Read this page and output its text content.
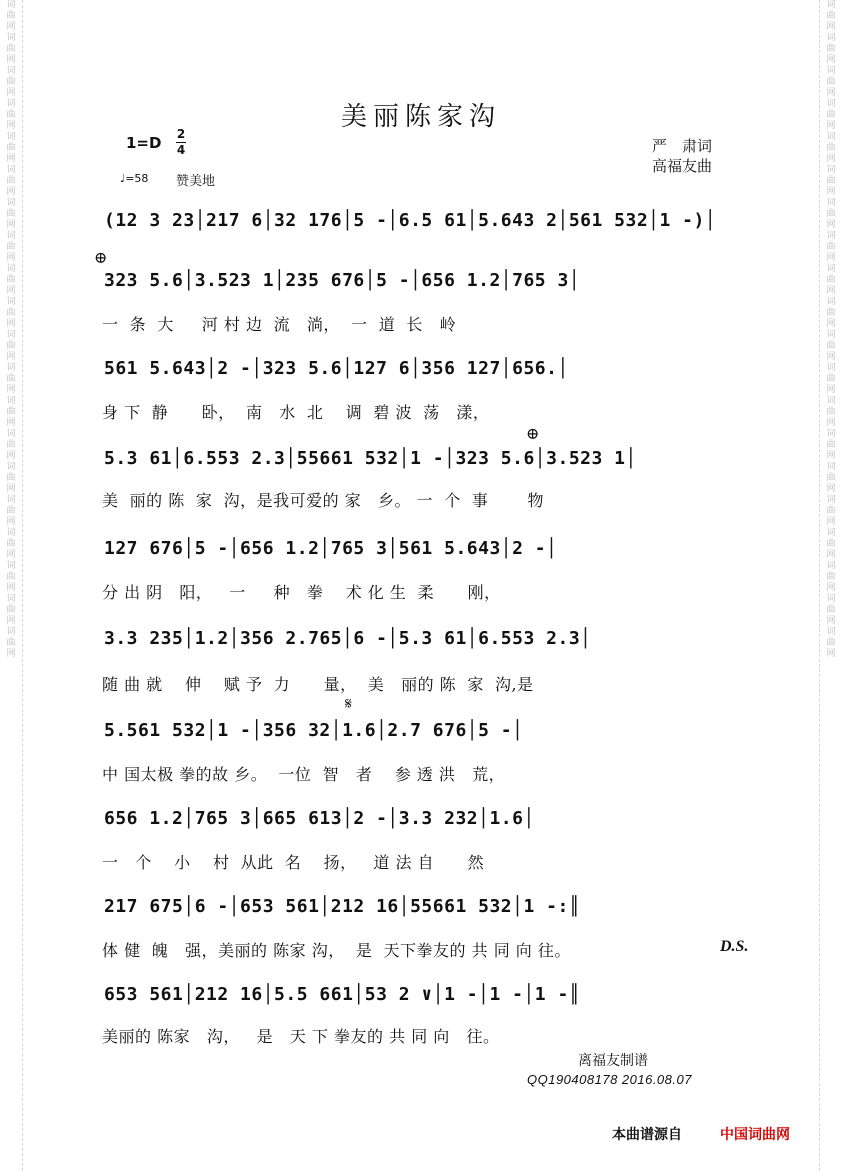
词曲网词曲网词曲网词曲网词曲网词曲网词曲网词曲网词曲网词曲网词曲网词曲网词曲网词曲网词曲网词曲网词曲网词曲网词曲网词曲网
词曲网词曲网词曲网词曲网词曲网词曲网词曲网词曲网词曲网词曲网词曲网词曲网词曲网词曲网词曲网词曲网词曲网词曲网词曲网词曲网
美丽陈家沟
1=D 2
4
♩=58 赞美地
严　肃词
高福友曲
(12 3 23│217 6│32 176│5 -│6.5 61│5.643 2│561 532│1 -)│
⊕
323 5.6│3.523 1│235 676│5 -│656 1.2│765 3│
一  条  大     河 村 边  流   淌，  一  道  长   岭
561 5.643│2 -│323 5.6│127 6│356 127│656.│
身 下  静      卧，  南   水  北    调  碧 波  荡   漾，
⊕
5.3 61│6.553 2.3│55661 532│1 -│323 5.6│3.523 1│
美  丽的 陈  家  沟，是我可爱的 家   乡。 一  个  事       物
127 676│5 -│656 1.2│765 3│561 5.643│2 -│
分 出 阴   阳，   一     种   拳    术 化 生  柔      刚，
3.3 235│1.2│356 2.765│6 -│5.3 61│6.553 2.3│
随 曲 就    伸    赋 予  力      量，  美   丽的 陈  家  沟,是
𝄋
5.561 532│1 -│356 32│1.6│2.7 676│5 -│
中 国太极 拳的故 乡。  一位  智   者    参 透 洪   荒，
656 1.2│765 3│665 613│2 -│3.3 232│1.6│
一   个    小    村  从此  名    扬，   道 法 自      然
217 675│6 -│653 561│212 16│55661 532│1 -:║
体 健  魄   强，美丽的 陈家 沟，  是  天下拳友的 共 同 向 往。	D.S.
653 561│212 16│5.5 661│53 2 ∨│1 -│1 -│1 -║
美丽的 陈家   沟，   是   天 下 拳友的 共 同 向   往。
离福友制谱
QQ190408178 2016.08.07
本曲谱源自	中国词曲网
